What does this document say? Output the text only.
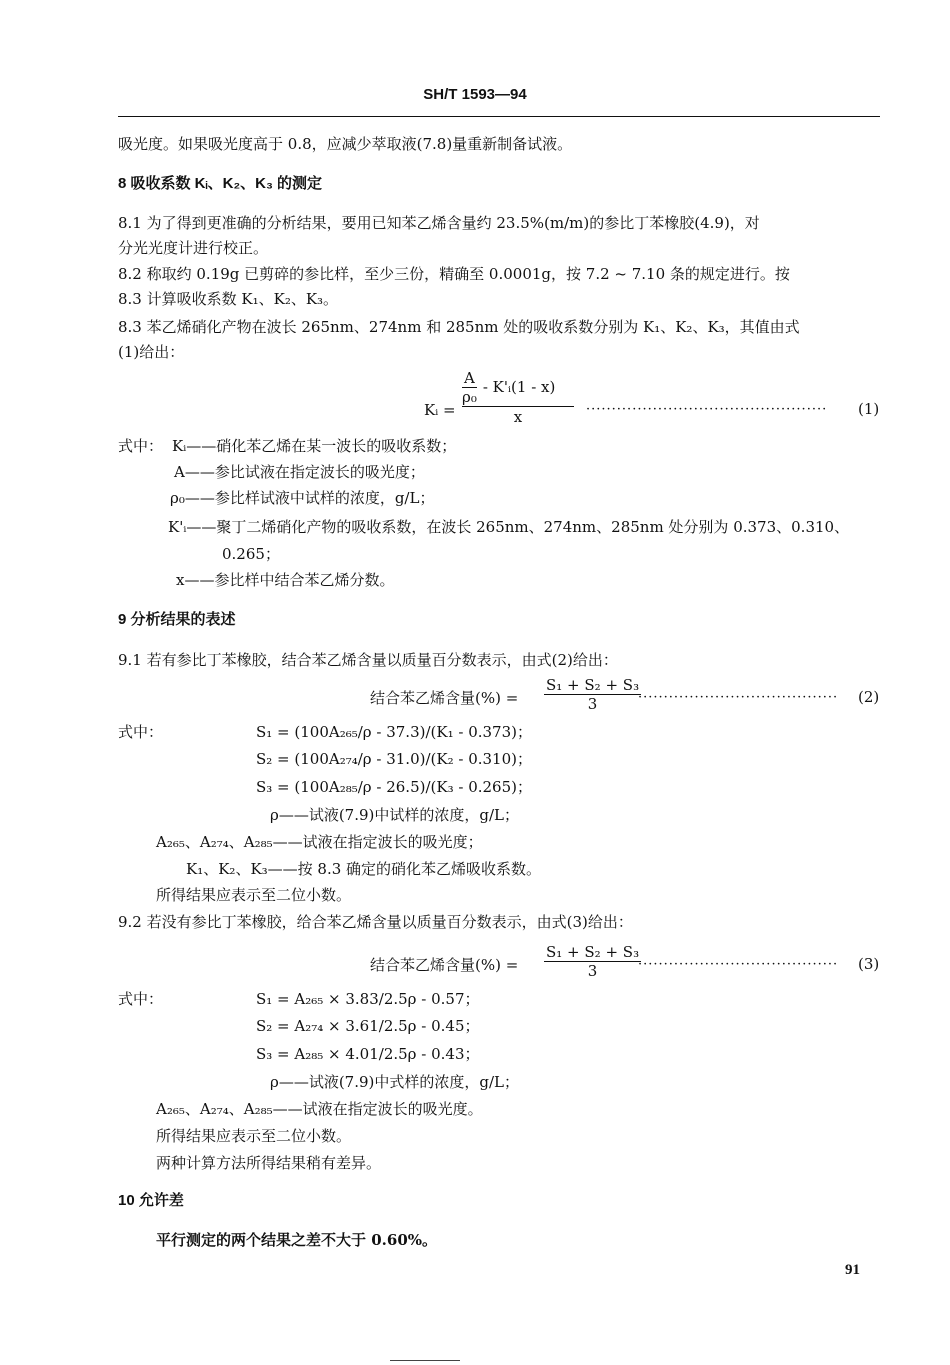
SH/T 1593—94
吸光度。如果吸光度高于 0.8，应减少萃取液(7.8)量重新制备试液。
8 吸收系数 Kᵢ、K₂、K₃ 的测定
8.1 为了得到更准确的分析结果，要用已知苯乙烯含量约 23.5%(m/m)的参比丁苯橡胶(4.9)，对
分光光度计进行校正。
8.2 称取约 0.19g 已剪碎的参比样，至少三份，精确至 0.0001g，按 7.2 ~ 7.10 条的规定进行。按
8.3 计算吸收系数 K₁、K₂、K₃。
8.3 苯乙烯硝化产物在波长 265nm、274nm 和 285nm 处的吸收系数分别为 K₁、K₂、K₃，其值由式
(1)给出：
Kᵢ =
$\frac{A}{\text{ρ₀}}$ - K'ᵢ(1 - x)
x	··············································· (1)
式中： Kᵢ——硝化苯乙烯在某一波长的吸收系数；
A——参比试液在指定波长的吸光度；
ρ₀——参比样试液中试样的浓度，g/L；
K'ᵢ——聚丁二烯硝化产物的吸收系数，在波长 265nm、274nm、285nm 处分别为 0.373、0.310、
0.265；
x——参比样中结合苯乙烯分数。
9 分析结果的表述
9.1 若有参比丁苯橡胶，结合苯乙烯含量以质量百分数表示，由式(2)给出：
结合苯乙烯含量(%) = $\frac{\text{S₁ + S₂ + S₃}}{3}$
······································· (2)
式中：	S₁ = (100A₂₆₅/ρ - 37.3)/(K₁ - 0.373)；
S₂ = (100A₂₇₄/ρ - 31.0)/(K₂ - 0.310)；
S₃ = (100A₂₈₅/ρ - 26.5)/(K₃ - 0.265)；
ρ——试液(7.9)中试样的浓度，g/L；
A₂₆₅、A₂₇₄、A₂₈₅——试液在指定波长的吸光度；
K₁、K₂、K₃——按 8.3 确定的硝化苯乙烯吸收系数。
所得结果应表示至二位小数。
9.2 若没有参比丁苯橡胶，给合苯乙烯含量以质量百分数表示，由式(3)给出：
结合苯乙烯含量(%) = $\frac{\text{S₁ + S₂ + S₃}}{3}$
······································· (3)
式中：	S₁ = A₂₆₅ × 3.83/2.5ρ - 0.57；
S₂ = A₂₇₄ × 3.61/2.5ρ - 0.45；
S₃ = A₂₈₅ × 4.01/2.5ρ - 0.43；
ρ——试液(7.9)中式样的浓度，g/L；
A₂₆₅、A₂₇₄、A₂₈₅——试液在指定波长的吸光度。
所得结果应表示至二位小数。
两种计算方法所得结果稍有差异。
10 允许差
平行测定的两个结果之差不大于 0.60%。
91
